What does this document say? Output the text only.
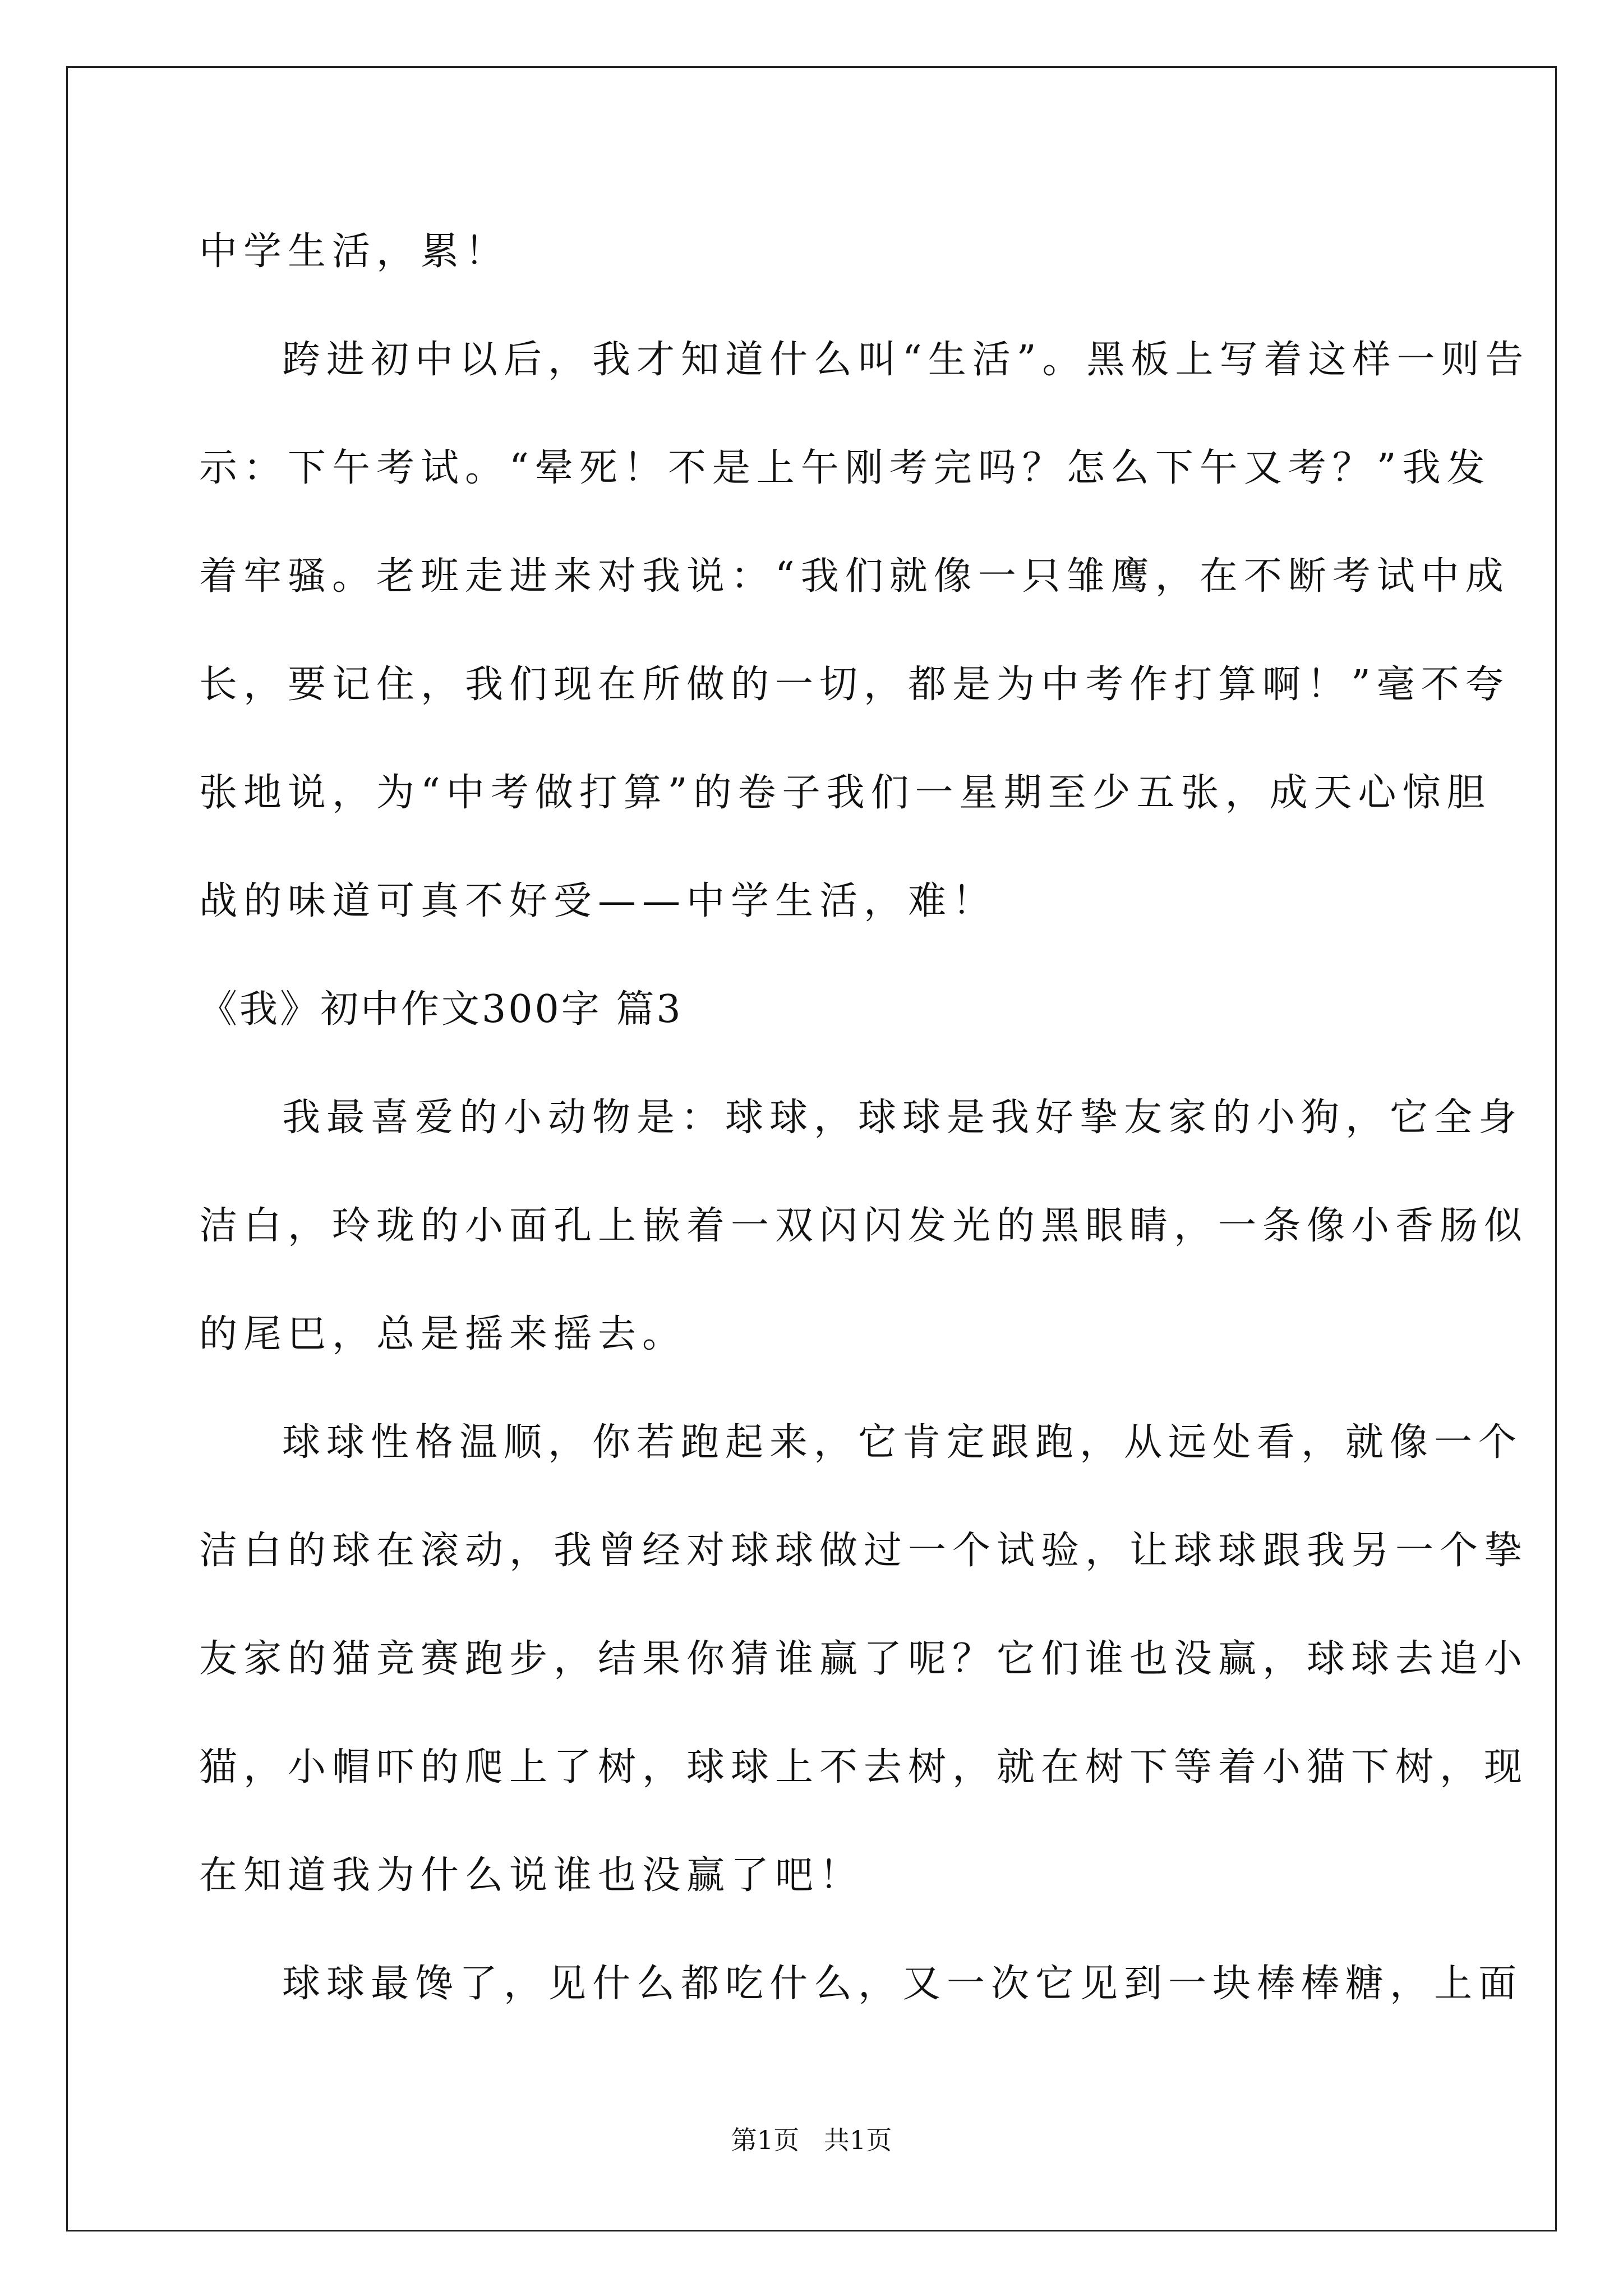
中学生活，累！
跨进初中以后，我才知道什么叫“生活”。黑板上写着这样一则告
示：下午考试。“晕死！不是上午刚考完吗？怎么下午又考？”我发
着牢骚。老班走进来对我说：“我们就像一只雏鹰，在不断考试中成
长，要记住，我们现在所做的一切，都是为中考作打算啊！”毫不夸
张地说，为“中考做打算”的卷子我们一星期至少五张，成天心惊胆
战的味道可真不好受——中学生活，难！
《我》初中作文300字 篇3
我最喜爱的小动物是：球球，球球是我好挚友家的小狗，它全身
洁白，玲珑的小面孔上嵌着一双闪闪发光的黑眼睛，一条像小香肠似
的尾巴，总是摇来摇去。
球球性格温顺，你若跑起来，它肯定跟跑，从远处看，就像一个
洁白的球在滚动，我曾经对球球做过一个试验，让球球跟我另一个挚
友家的猫竞赛跑步，结果你猜谁赢了呢？它们谁也没赢，球球去追小
猫，小帽吓的爬上了树，球球上不去树，就在树下等着小猫下树，现
在知道我为什么说谁也没赢了吧！
球球最馋了，见什么都吃什么，又一次它见到一块棒棒糖，上面
第1页   共1页
